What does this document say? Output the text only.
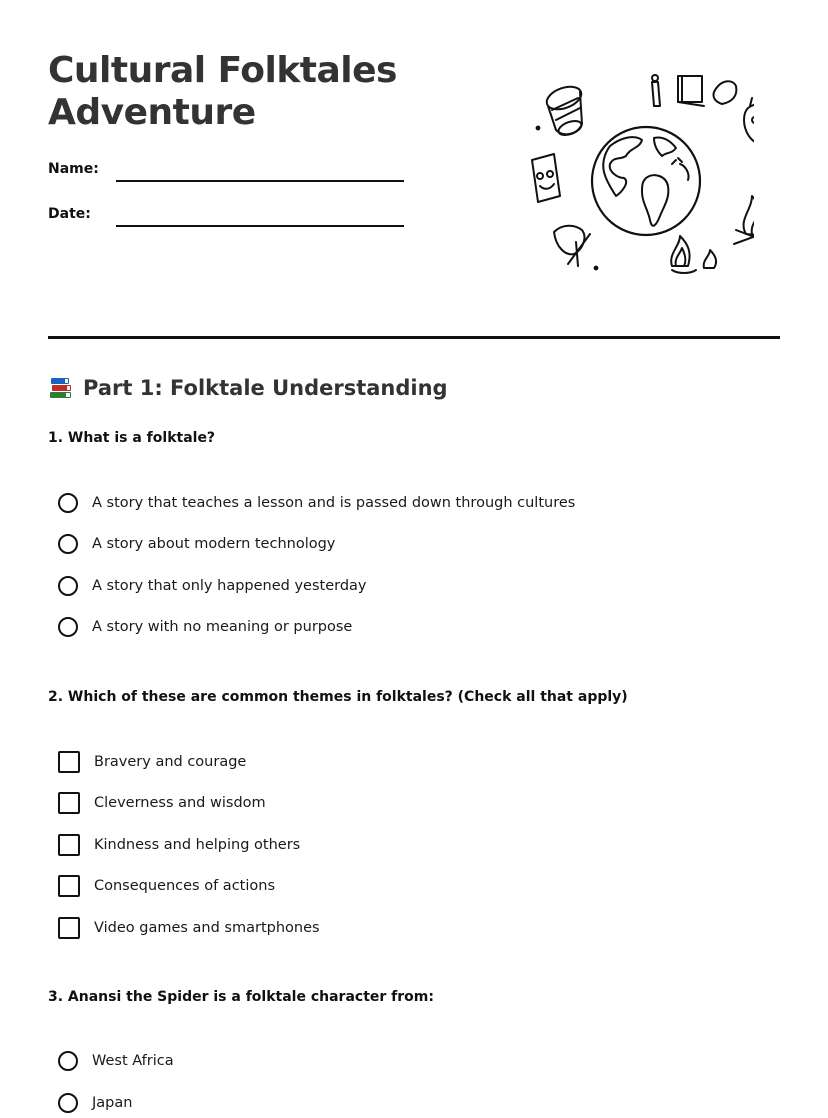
Cultural Folktales Adventure
Name:
Date:
Part 1: Folktale Understanding

1. What is a folktale?

A story that teaches a lesson and is passed down through cultures
A story about modern technology
A story that only happened yesterday
A story with no meaning or purpose

2. Which of these are common themes in folktales? (Check all that apply)

Bravery and courage
Cleverness and wisdom
Kindness and helping others
Consequences of actions
Video games and smartphones

3. Anansi the Spider is a folktale character from:

West Africa
Japan
